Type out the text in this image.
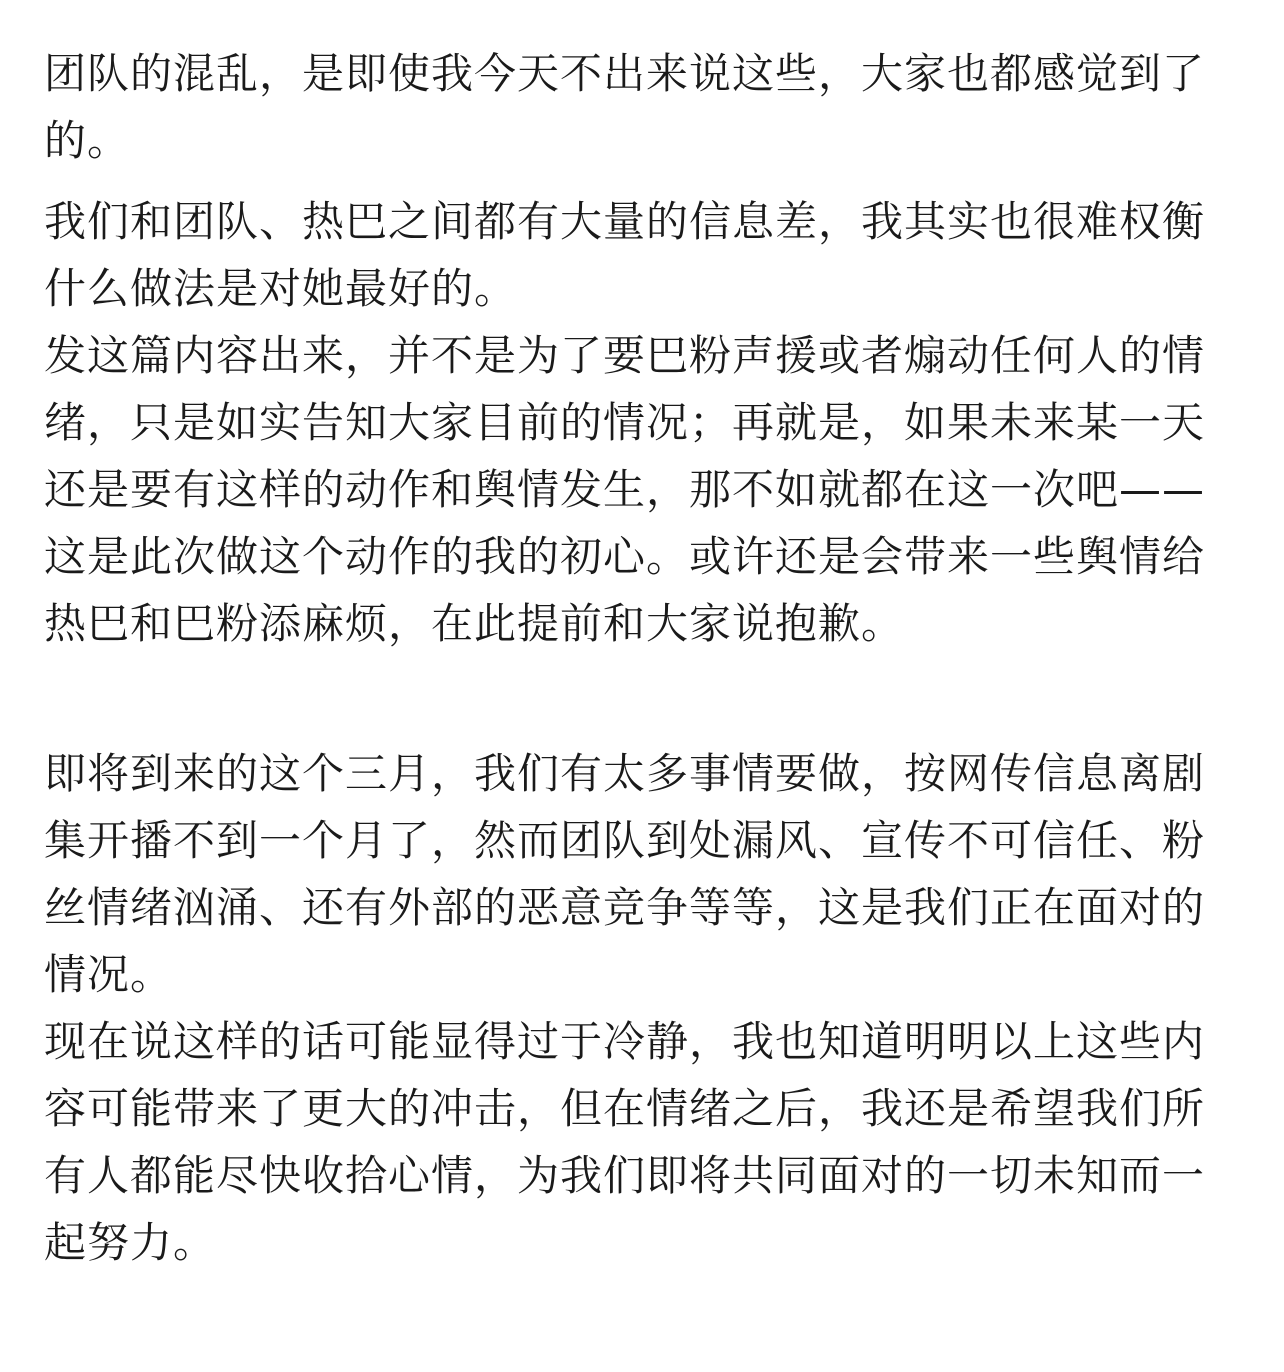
团队的混乱，是即使我今天不出来说这些，大家也都感觉到了的。

我们和团队、热巴之间都有大量的信息差，我其实也很难权衡什么做法是对她最好的。

发这篇内容出来，并不是为了要巴粉声援或者煽动任何人的情绪，只是如实告知大家目前的情况；再就是，如果未来某一天还是要有这样的动作和舆情发生，那不如就都在这一次吧——这是此次做这个动作的我的初心。或许还是会带来一些舆情给热巴和巴粉添麻烦，在此提前和大家说抱歉。

即将到来的这个三月，我们有太多事情要做，按网传信息离剧集开播不到一个月了，然而团队到处漏风、宣传不可信任、粉丝情绪汹涌、还有外部的恶意竞争等等，这是我们正在面对的情况。

现在说这样的话可能显得过于冷静，我也知道明明以上这些内容可能带来了更大的冲击，但在情绪之后，我还是希望我们所有人都能尽快收拾心情，为我们即将共同面对的一切未知而一起努力。
